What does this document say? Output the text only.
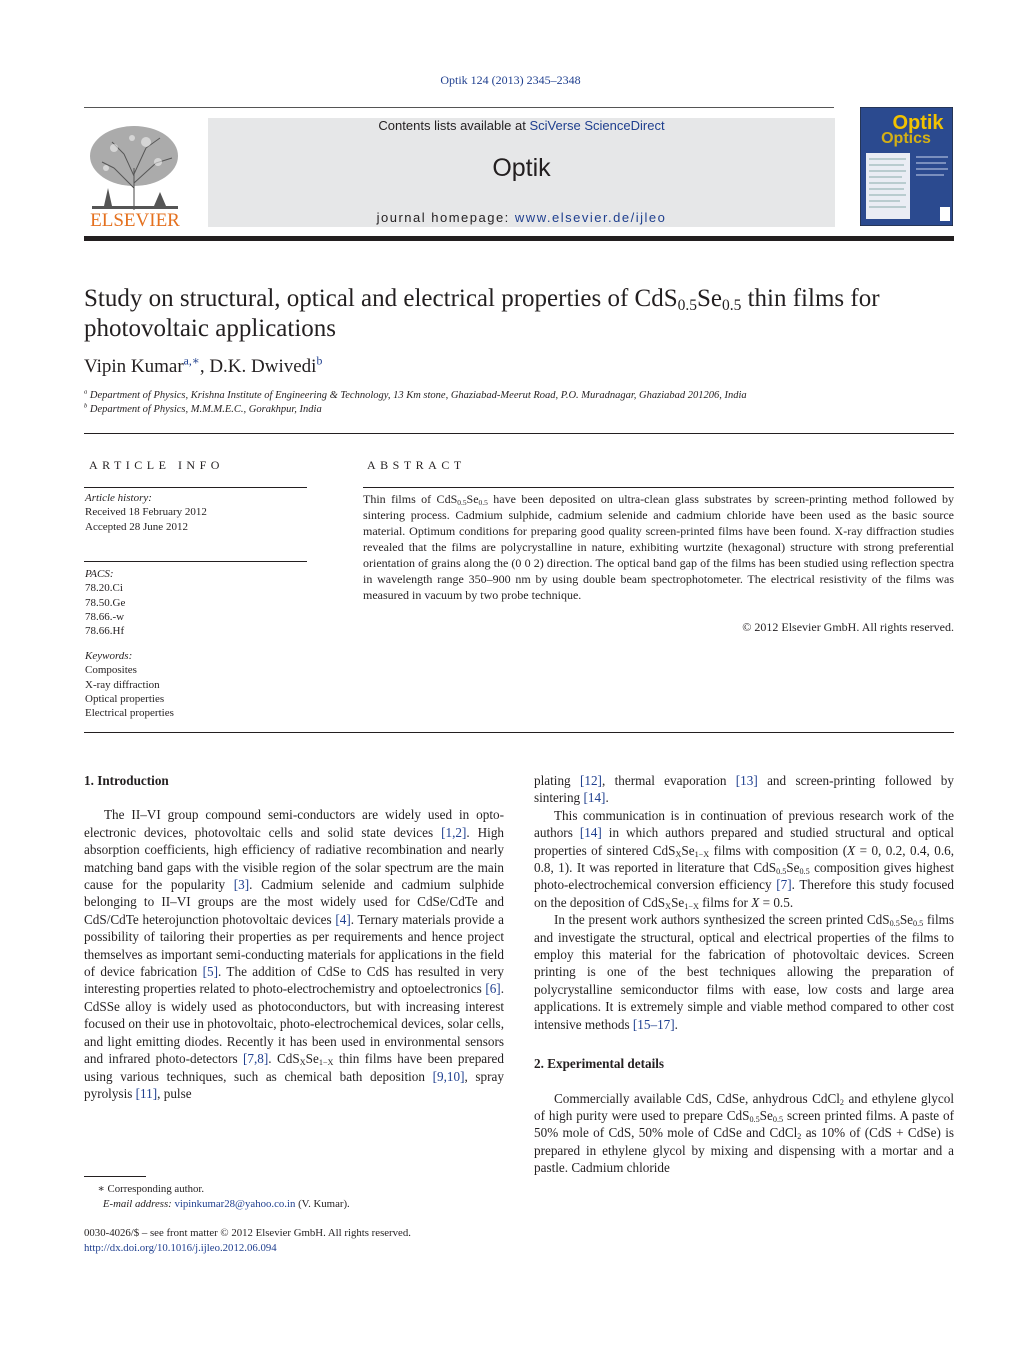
Optik 124 (2013) 2345–2348
ELSEVIER
Contents lists available at SciVerse ScienceDirect
Optik
journal homepage: www.elsevier.de/ijleo
Optik
Optics
Study on structural, optical and electrical properties of $CdS_{0.5}Se_{0.5}$ thin films for
photovoltaic applications
Vipin Kumar$^{a,∗}$, D.K. Dwivedi$^b$
$^a$ Department of Physics, Krishna Institute of Engineering & Technology, 13 Km stone, Ghaziabad-Meerut Road, P.O. Muradnagar, Ghaziabad 201206, India
$^b$ Department of Physics, M.M.M.E.C., Gorakhpur, India
ARTICLE INFO	ABSTRACT
Article history:
Received 18 February 2012
Accepted 28 June 2012
PACS:
78.20.Ci
78.50.Ge
78.66.-w
78.66.Hf
Keywords:
Composites
X-ray diffraction
Optical properties
Electrical properties
Thin films of $CdS_{0.5}Se_{0.5}$ have been deposited on ultra-clean glass substrates by screen-printing method followed by sintering process. Cadmium sulphide, cadmium selenide and cadmium chloride have been used as the basic source material. Optimum conditions for preparing good quality screen-printed films have been found. X-ray diffraction studies revealed that the films are polycrystalline in nature, exhibiting wurtzite (hexagonal) structure with strong preferential orientation of grains along the (0 0 2) direction. The optical band gap of the films has been studied using reflection spectra in wavelength range 350–900 nm by using double beam spectrophotometer. The electrical resistivity of the films was measured in vacuum by two probe technique.
© 2012 Elsevier GmbH. All rights reserved.
1. Introduction

The II–VI group compound semi-conductors are widely used in opto-electronic devices, photovoltaic cells and solid state devices [1,2]. High absorption coefficients, high efficiency of radiative recombination and nearly matching band gaps with the visible region of the solar spectrum are the main cause for the popularity [3]. Cadmium selenide and cadmium sulphide belonging to II–VI groups are the most widely used for CdSe/CdTe and CdS/CdTe heterojunction photovoltaic devices [4]. Ternary materials provide a possibility of tailoring their properties as per requirements and hence project themselves as important semi-conducting materials for applications in the field of device fabrication [5]. The addition of CdSe to CdS has resulted in very interesting properties related to photo-electrochemistry and optoelectronics [6]. CdSSe alloy is widely used as photoconductors, but with increasing interest focused on their use in photovoltaic, photo-electrochemical devices, solar cells, and light emitting diodes. Recently it has been used in environmental sensors and infrared photo-detectors [7,8]. $CdS_XSe_{1-X}$ thin films have been prepared using various techniques, such as chemical bath deposition [9,10], spray pyrolysis [11], pulse

plating [12], thermal evaporation [13] and screen-printing followed by sintering [14].

This communication is in continuation of previous research work of the authors [14] in which authors prepared and studied structural and optical properties of sintered $CdS_XSe_{1-X}$ films with composition (X = 0, 0.2, 0.4, 0.6, 0.8, 1). It was reported in literature that $CdS_{0.5}Se_{0.5}$ composition gives highest photo-electrochemical conversion efficiency [7]. Therefore this study focused on the deposition of $CdS_XSe_{1-X}$ films for X = 0.5.

In the present work authors synthesized the screen printed $CdS_{0.5}Se_{0.5}$ films and investigate the structural, optical and electrical properties of the films to employ this material for the fabrication of photovoltaic devices. Screen printing is one of the best techniques allowing the preparation of polycrystalline semiconductor films with ease, low costs and large area applications. It is extremely simple and viable method compared to other cost intensive methods [15–17].

2. Experimental details

Commercially available CdS, CdSe, anhydrous CdCl$_2$ and ethylene glycol of high purity were used to prepare $CdS_{0.5}Se_{0.5}$ screen printed films. A paste of 50% mole of CdS, 50% mole of CdSe and CdCl$_2$ as 10% of (CdS + CdSe) is prepared in ethylene glycol by mixing and dispensing with a mortar and a pastle. Cadmium chloride

∗ Corresponding author.
E-mail address: vipinkumar28@yahoo.co.in (V. Kumar).
0030-4026/$ – see front matter © 2012 Elsevier GmbH. All rights reserved.
http://dx.doi.org/10.1016/j.ijleo.2012.06.094
